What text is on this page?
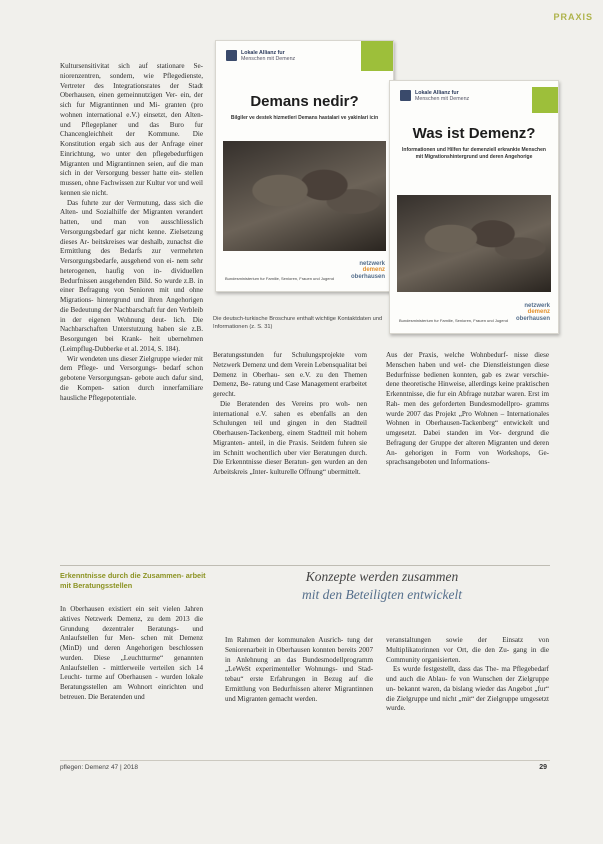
PRAXIS

Kultursensitivitat sich auf stationare Se- niorenzentren, sondern, wie Pflegedienste, Vertreter des Integrationsrates der Stadt Oberhausen, einen gemeinnutzigen Ver- ein, der sich fur Migrantinnen und Mi- granten (pro wohnen international e.V.) einsetzt, den Alten- und Pflegeplaner und das Buro fur Chancengleichheit der Kommune. Die Konstitution ergab sich aus der Anfrage einer Einrichtung, wo unter den pflegebedurftigen Migranten und Migrantinnen seien, auf die man sich in der Versorgung besser hatte ein- stellen mussen, ohne Fachwissen zur Kultur vor und weil kennen sie nicht.

Das fuhrte zur der Vermutung, dass sich die Alten- und Sozialhilfe der Migranten verandert hatten, und man von ausschliesslich Versorgungsbedarf gar nicht kenne. Zielsetzung dieses Ar- beitskreises war deshalb, zunachst die Ermittlung des Bedarfs zur vermehrten Versorgungsbedarfe, ausgehend von ei- nem sehr heterogenen, haufig von in- dividuellen Bedurfnissen ausgehenden Bild. So wurde z.B. in einer Befragung von Senioren mit und ohne Migrations- hintergrund und ihren Angehorigen die Bedeutung der Nachbarschaft fur den Verbleib in der eigenen Wohnung deut- lich. Die Nachbarschaften Unterstutzung haben sie z.B. Besorgungen bei Krank- heit ubernehmen (Leimpflug-Dubberke et al. 2014, S. 184).

Wir wendeten uns dieser Zielgruppe wieder mit dem Pflege- und Versorgungs- bedarf schon gebotene Versorgungsan- gebote auch dafur sind, die Kompen- sation durch innerfamiliare hausliche Pflegepotentiale.

Lokale Allianz fur
Menschen mit Demenz
Demans nedir?
Bilgiler ve destek hizmetleri Demans hastalari ve yakinlari icin
Bundesministerium fur Familie, Senioren, Frauen und Jugend
netzwerk
demenz
oberhausen
Lokale Allianz fur
Menschen mit Demenz
Was ist Demenz?
Informationen und Hilfen fur demenziell erkrankte Menschen mit Migrationshintergrund und deren Angehorige
Bundesministerium fur Familie, Senioren, Frauen und Jugend
netzwerk
demenz
oberhausen
Die deutsch-turkische Broschure enthalt wichtige Kontaktdaten und Informationen (z. S. 31)

Beratungsstunden fur Schulungsprojekte vom Netzwerk Demenz und dem Verein Lebensqualitat bei Demenz in Oberhau- sen e.V. zu den Themen Demenz, Be- ratung und Case Management erarbeitet gerecht.

Die Beratenden des Vereins pro woh- nen international e.V. sahen es ebenfalls an den Schulungen teil und gingen in den Stadtteil Oberhausen-Tackenberg, einem Stadtteil mit hohem Migranten- anteil, in die Praxis. Seitdem fuhren sie im Schnitt wochentlich uber vier Beratungen durch. Die Erkenntnisse dieser Beratun- gen wurden an den Arbeitskreis „Inter- kulturelle Offnung“ ubermittelt.

Aus der Praxis, welche Wohnbedurf- nisse diese Menschen haben und wel- che Dienstleistungen diese Bedurfnisse bedienen konnten, gab es zwar verschie- dene theoretische Hinweise, allerdings keine praktischen Erkenntnisse, die fur ein Abfrage nutzbar waren. Erst im Rah- men des geforderten Bundesmodellpro- gramms wurde 2007 das Projekt „Pro Wohnen – Internationales Wohnen in Oberhausen-Tackenberg“ entwickelt und umgesetzt. Dabei standen im Vor- dergrund die Befragung der Gruppe der alteren Migranten und deren An- gehorigen in Form von Workshops, Ge- sprachsangeboten und Informations-

Erkenntnisse durch die Zusammen- arbeit mit Beratungsstellen
Konzepte werden zusammen
mit den Beteiligten entwickelt

In Oberhausen existiert ein seit vielen Jahren aktives Netzwerk Demenz, zu dem 2013 die Grundung dezentraler Beratungs- und Anlaufstellen fur Men- schen mit Demenz (MinD) und deren Angehorigen beschlossen wurden. Diese „Leuchtturme“ genannten Anlaufstellen - mittlerweile verteilen sich 14 Leucht- turme auf Oberhausen - wurden lokale Beratungsstellen am Wohnort einrichten und betreuen. Die Beratenden und

Im Rahmen der kommunalen Ausrich- tung der Seniorenarbeit in Oberhausen konnten bereits 2007 in Anlehnung an das Bundesmodellprogramm „LeWeSt experimenteller Wohnungs- und Stad- tebau“ erste Erfahrungen in Bezug auf die Ermittlung von Bedurfnissen alterer Migrantinnen und Migranten gemacht werden.

veranstaltungen sowie der Einsatz von Multiplikatorinnen vor Ort, die den Zu- gang in die Community organisierten.

Es wurde festgestellt, dass das The- ma Pflegebedarf und auch die Ablau- fe von Wunschen der Zielgruppe un- bekannt waren, da bislang wieder das Angebot „fur“ die Zielgruppe und nicht „mit“ der Zielgruppe umgesetzt wurde.

pflegen: Demenz 47 | 2018	29
